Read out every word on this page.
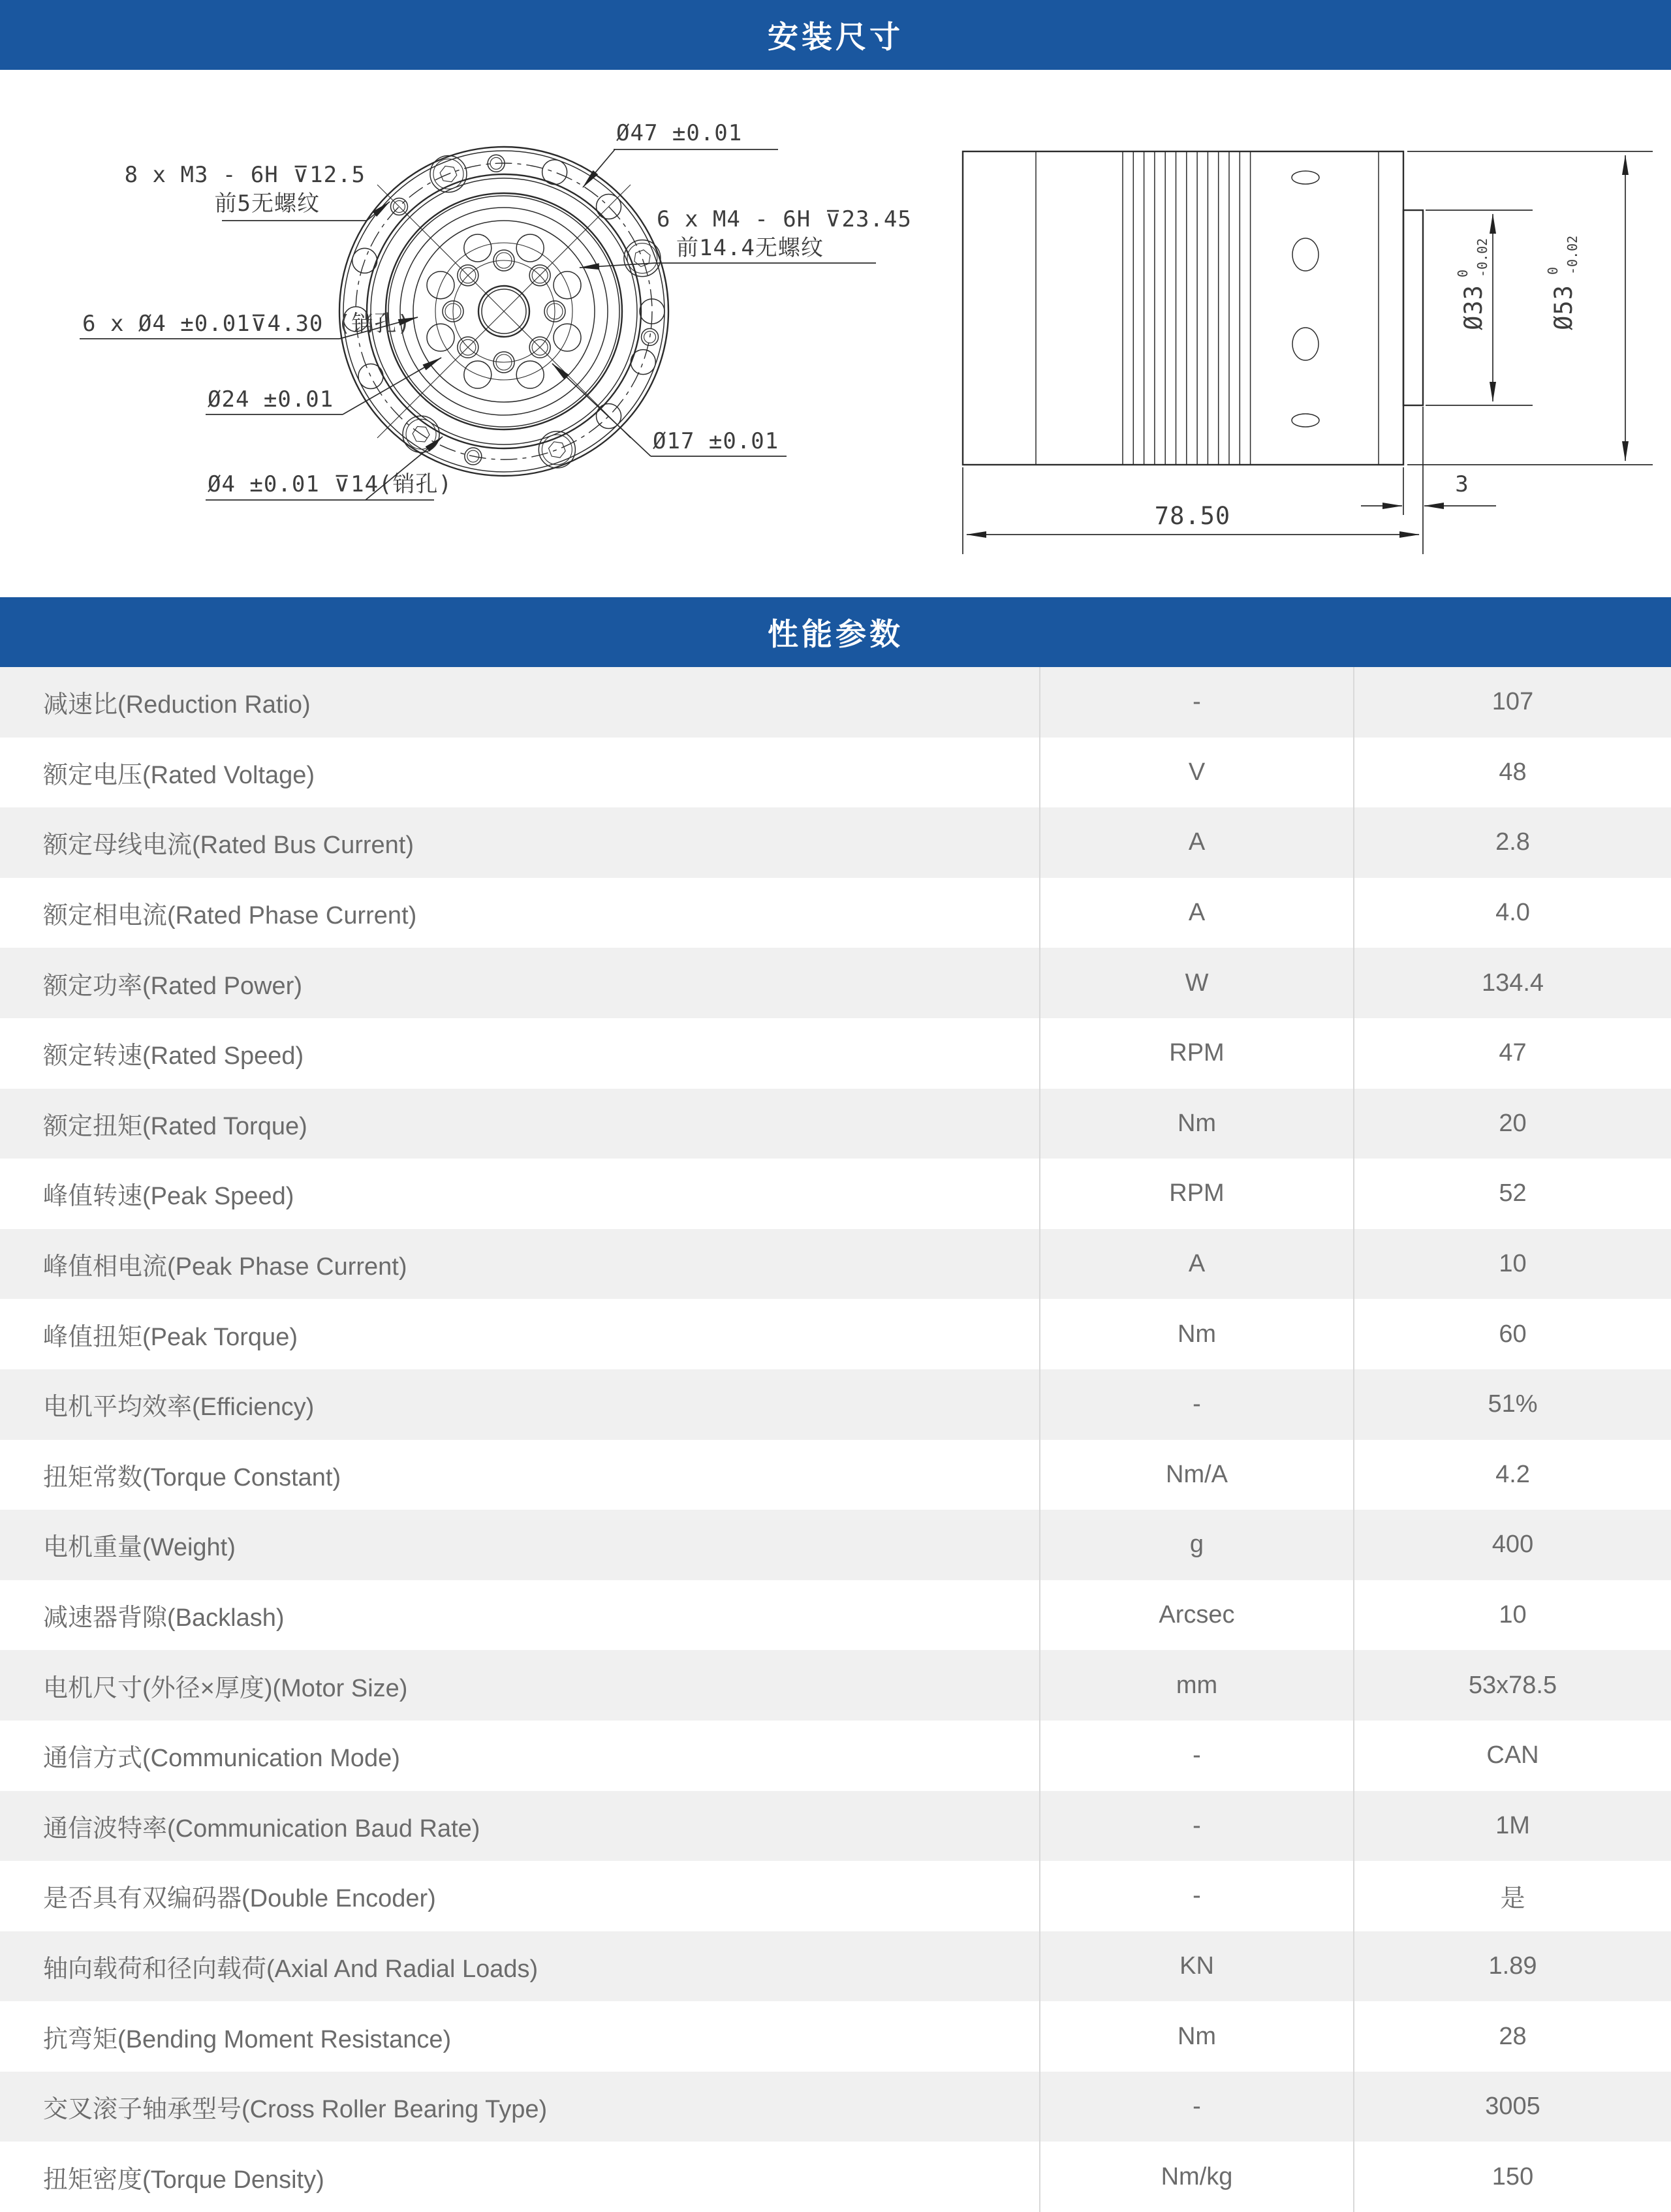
安装尺寸
Ø47 ±0.01
8 x M3 - 6H ⊽12.5
前5无螺纹
6 x M4 - 6H ⊽23.45
前14.4无螺纹
6 x Ø4 ±0.01⊽4.30 (销孔)
Ø24 ±0.01
Ø17 ±0.01
Ø4 ±0.01 ⊽14(销孔)
Ø33
0 -0.02
Ø53
0 -0.02
78.50
3
性能参数
减速比(Reduction Ratio)	-	107
额定电压(Rated Voltage)	V	48
额定母线电流(Rated Bus Current)	A	2.8
额定相电流(Rated Phase Current)	A	4.0
额定功率(Rated Power)	W	134.4
额定转速(Rated Speed)	RPM	47
额定扭矩(Rated Torque)	Nm	20
峰值转速(Peak Speed)	RPM	52
峰值相电流(Peak Phase Current)	A	10
峰值扭矩(Peak Torque)	Nm	60
电机平均效率(Efficiency)	-	51%
扭矩常数(Torque Constant)	Nm/A	4.2
电机重量(Weight)	g	400
减速器背隙(Backlash)	Arcsec	10
电机尺寸(外径×厚度)(Motor Size)	mm	53x78.5
通信方式(Communication Mode)	-	CAN
通信波特率(Communication Baud Rate)	-	1M
是否具有双编码器(Double Encoder)	-	是
轴向载荷和径向载荷(Axial And Radial Loads)	KN	1.89
抗弯矩(Bending Moment Resistance)	Nm	28
交叉滚子轴承型号(Cross Roller Bearing Type)	-	3005
扭矩密度(Torque Density)	Nm/kg	150
